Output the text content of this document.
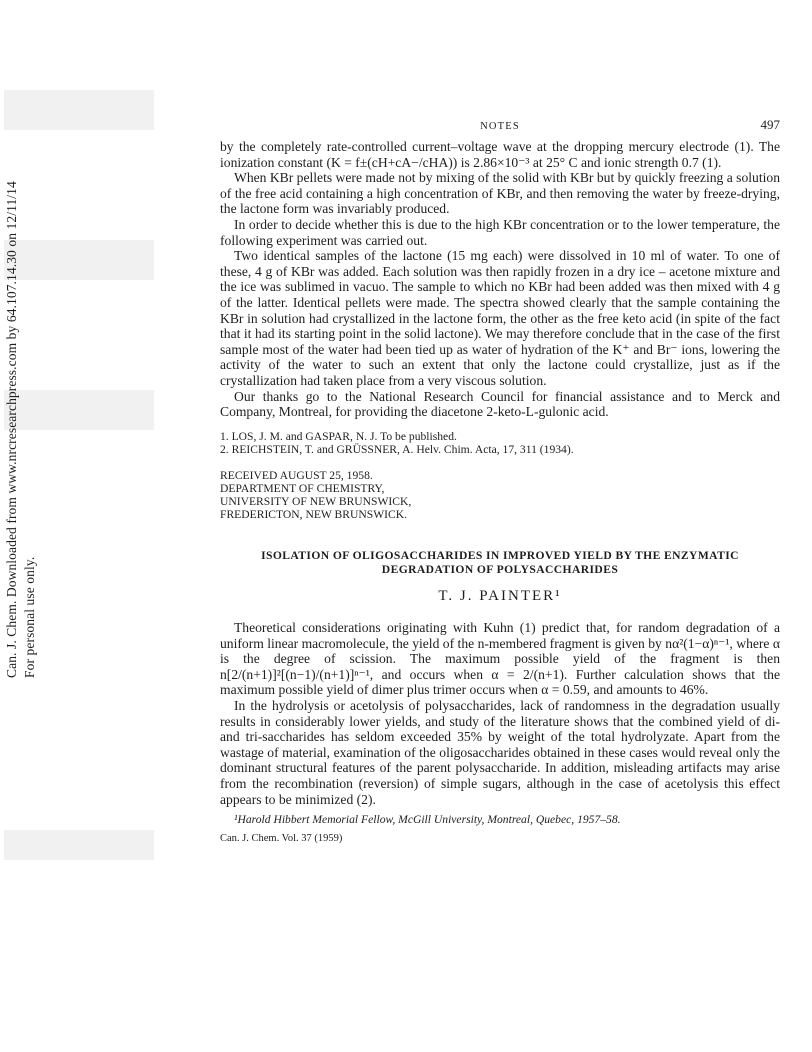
Can. J. Chem. Downloaded from www.nrcresearchpress.com by 64.107.14.30 on 12/11/14 For personal use only.
NOTES	497

by the completely rate-controlled current–voltage wave at the dropping mercury electrode (1). The ionization constant (K = f±(cH+cA−/cHA)) is 2.86×10⁻³ at 25° C and ionic strength 0.7 (1).

When KBr pellets were made not by mixing of the solid with KBr but by quickly freezing a solution of the free acid containing a high concentration of KBr, and then removing the water by freeze-drying, the lactone form was invariably produced.

In order to decide whether this is due to the high KBr concentration or to the lower temperature, the following experiment was carried out.

Two identical samples of the lactone (15 mg each) were dissolved in 10 ml of water. To one of these, 4 g of KBr was added. Each solution was then rapidly frozen in a dry ice – acetone mixture and the ice was sublimed in vacuo. The sample to which no KBr had been added was then mixed with 4 g of the latter. Identical pellets were made. The spectra showed clearly that the sample containing the KBr in solution had crystallized in the lactone form, the other as the free keto acid (in spite of the fact that it had its starting point in the solid lactone). We may therefore conclude that in the case of the first sample most of the water had been tied up as water of hydration of the K⁺ and Br⁻ ions, lowering the activity of the water to such an extent that only the lactone could crystallize, just as if the crystallization had taken place from a very viscous solution.

Our thanks go to the National Research Council for financial assistance and to Merck and Company, Montreal, for providing the diacetone 2-keto-L-gulonic acid.

1. LOS, J. M. and GASPAR, N. J. To be published.
2. REICHSTEIN, T. and GRÜSSNER, A. Helv. Chim. Acta, 17, 311 (1934).
RECEIVED AUGUST 25, 1958.
DEPARTMENT OF CHEMISTRY,
UNIVERSITY OF NEW BRUNSWICK,
FREDERICTON, NEW BRUNSWICK.
ISOLATION OF OLIGOSACCHARIDES IN IMPROVED YIELD BY THE ENZYMATIC DEGRADATION OF POLYSACCHARIDES
T. J. PAINTER¹

Theoretical considerations originating with Kuhn (1) predict that, for random degradation of a uniform linear macromolecule, the yield of the n-membered fragment is given by nα²(1−α)ⁿ⁻¹, where α is the degree of scission. The maximum possible yield of the fragment is then n[2/(n+1)]²[(n−1)/(n+1)]ⁿ⁻¹, and occurs when α = 2/(n+1). Further calculation shows that the maximum possible yield of dimer plus trimer occurs when α = 0.59, and amounts to 46%.

In the hydrolysis or acetolysis of polysaccharides, lack of randomness in the degradation usually results in considerably lower yields, and study of the literature shows that the combined yield of di- and tri-saccharides has seldom exceeded 35% by weight of the total hydrolyzate. Apart from the wastage of material, examination of the oligosaccharides obtained in these cases would reveal only the dominant structural features of the parent polysaccharide. In addition, misleading artifacts may arise from the recombination (reversion) of simple sugars, although in the case of acetolysis this effect appears to be minimized (2).

¹Harold Hibbert Memorial Fellow, McGill University, Montreal, Quebec, 1957–58.
Can. J. Chem. Vol. 37 (1959)
